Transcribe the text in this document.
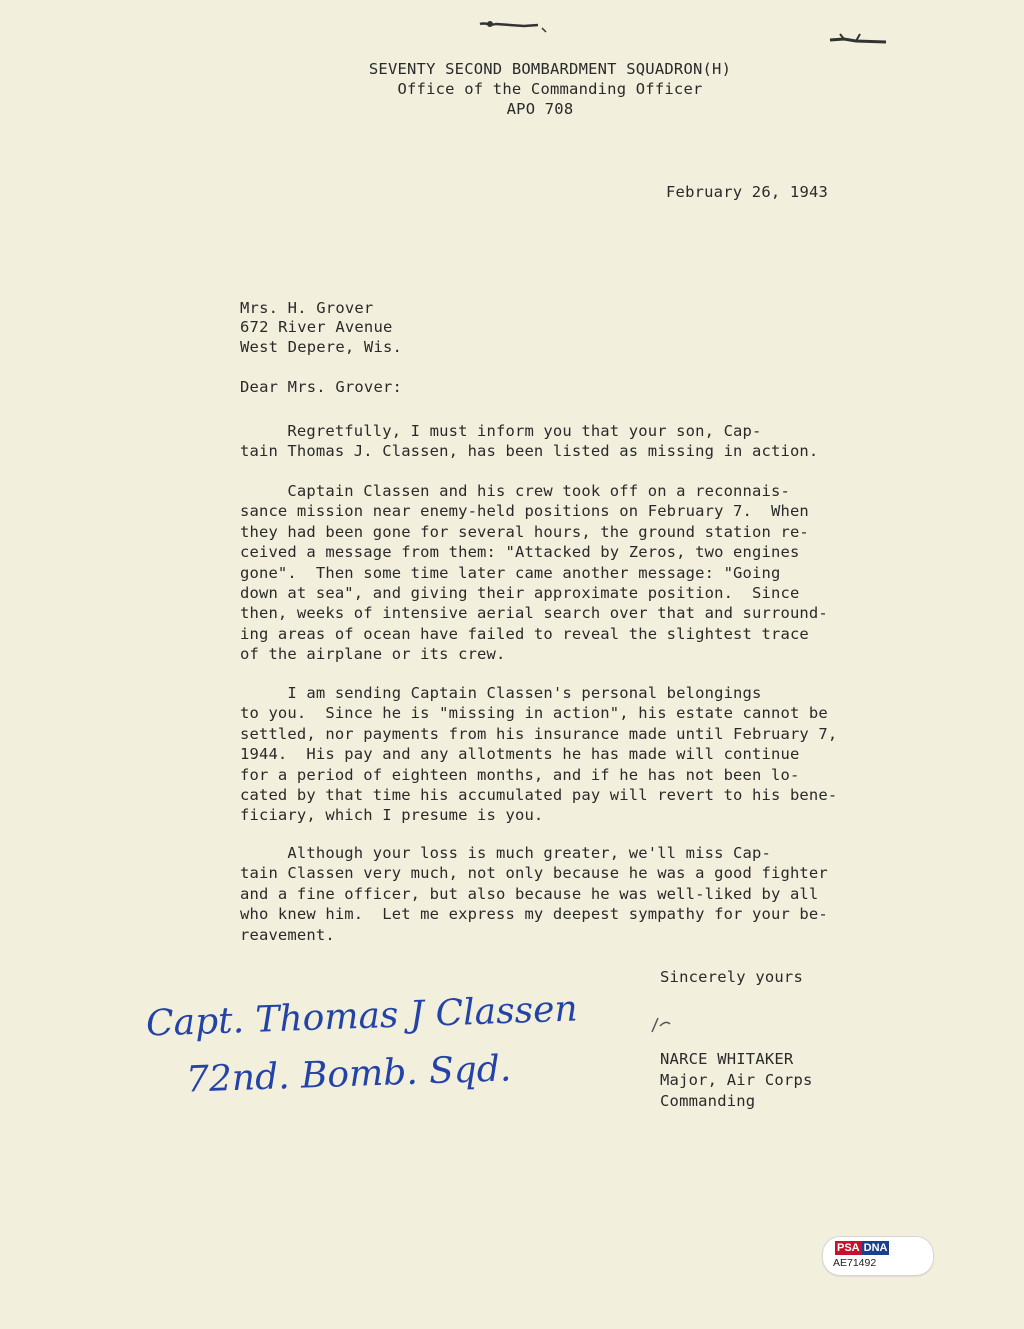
SEVENTY SECOND BOMBARDMENT SQUADRON(H)
Office of the Commanding Officer
APO 708
February 26, 1943
Mrs. H. Grover
672 River Avenue
West Depere, Wis.
Dear Mrs. Grover:
Regretfully, I must inform you that your son, Cap-
tain Thomas J. Classen, has been listed as missing in action.
Captain Classen and his crew took off on a reconnais-
sance mission near enemy-held positions on February 7.  When
they had been gone for several hours, the ground station re-
ceived a message from them: "Attacked by Zeros, two engines
gone".  Then some time later came another message: "Going
down at sea", and giving their approximate position.  Since
then, weeks of intensive aerial search over that and surround-
ing areas of ocean have failed to reveal the slightest trace
of the airplane or its crew.
I am sending Captain Classen's personal belongings
to you.  Since he is "missing in action", his estate cannot be
settled, nor payments from his insurance made until February 7,
1944.  His pay and any allotments he has made will continue
for a period of eighteen months, and if he has not been lo-
cated by that time his accumulated pay will revert to his bene-
ficiary, which I presume is you.
Although your loss is much greater, we'll miss Cap-
tain Classen very much, not only because he was a good fighter
and a fine officer, but also because he was well-liked by all
who knew him.  Let me express my deepest sympathy for your be-
reavement.
Sincerely yours
NARCE WHITAKER
Major, Air Corps
Commanding
Capt. Thomas J Classen
72nd. Bomb. Sqd.
PSA DNA
AE71492
